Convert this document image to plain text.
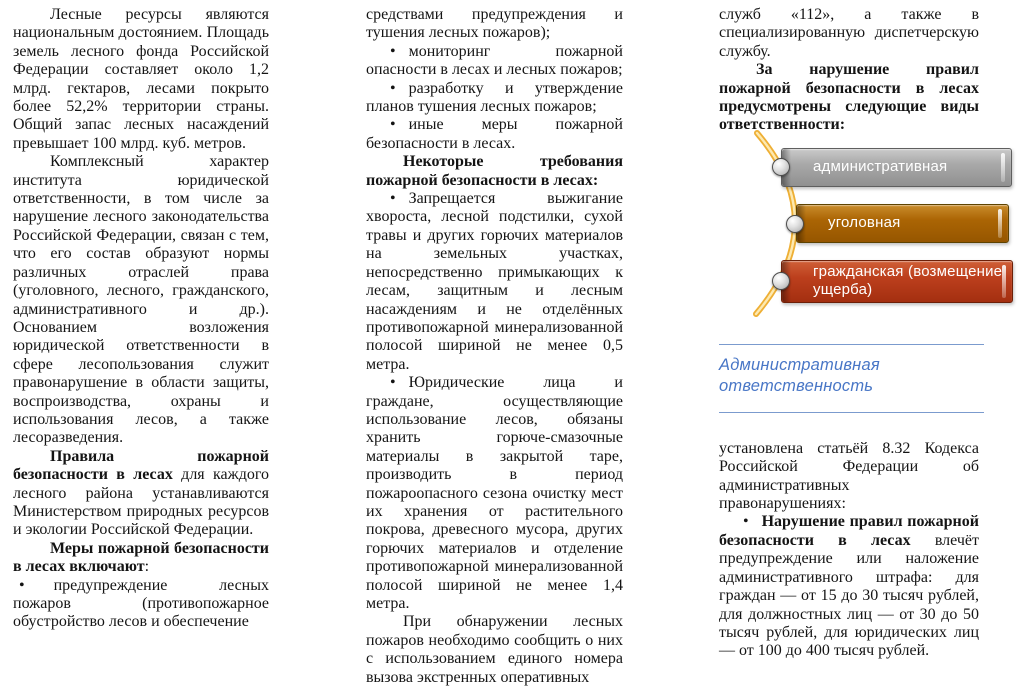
Лесные ресурсы являются национальным достоянием. Площадь земель лесного фонда Российской Федерации составляет около 1,2 млрд. гектаров, лесами покрыто более 52,2% территории страны. Общий запас лесных насаждений превышает 100 млрд. куб. метров.

Комплексный характер института юридической ответственности, в том числе за нарушение лесного законодательства Российской Федерации, связан с тем, что его состав образуют нормы различных отраслей права (уголовного, лесного, гражданского, административного и др.). Основанием возложения юридической ответственности в сфере лесопользования служит правонарушение в области защиты, воспроизводства, охраны и использования лесов, а также лесоразведения.

Правила пожарной безопасности в лесах для каждого лесного района устанавливаются Министерством природных ресурсов и экологии Российской Федерации.

Меры пожарной безопасности в лесах включают:

• предупреждение лесных пожаров (противопожарное обустройство лесов и обеспечение

средствами предупреждения и тушения лесных пожаров);

• мониторинг пожарной опасности в лесах и лесных пожаров;

• разработку и утверждение планов тушения лесных пожаров;

• иные меры пожарной безопасности в лесах.

Некоторые требования пожарной безопасности в лесах:

• Запрещается выжигание хвороста, лесной подстилки, сухой травы и других горючих материалов на земельных участках, непосредственно примыкающих к лесам, защитным и лесным насаждениям и не отделённых противопожарной минерализованной полосой шириной не менее 0,5 метра.

• Юридические лица и граждане, осуществляющие использование лесов, обязаны хранить горюче-смазочные материалы в закрытой таре, производить в период пожароопасного сезона очистку мест их хранения от растительного покрова, древесного мусора, других горючих материалов и отделение противопожарной минерализованной полосой шириной не менее 1,4 метра.

При обнаружении лесных пожаров необходимо сообщить о них с использованием единого номера вызова экстренных оперативных

служб «112», а также в специализированную диспетчерскую службу.

За нарушение правил пожарной безопасности в лесах предусмотрены следующие виды ответственности:

административная
уголовная
гражданская (возмещение ущерба)

Административная ответственность

установлена статьёй 8.32 Кодекса Российской Федерации об административных правонарушениях:

• Нарушение правил пожарной безопасности в лесах влечёт предупреждение или наложение административного штрафа: для граждан — от 15 до 30 тысяч рублей, для должностных лиц — от 30 до 50 тысяч рублей, для юридических лиц — от 100 до 400 тысяч рублей.
